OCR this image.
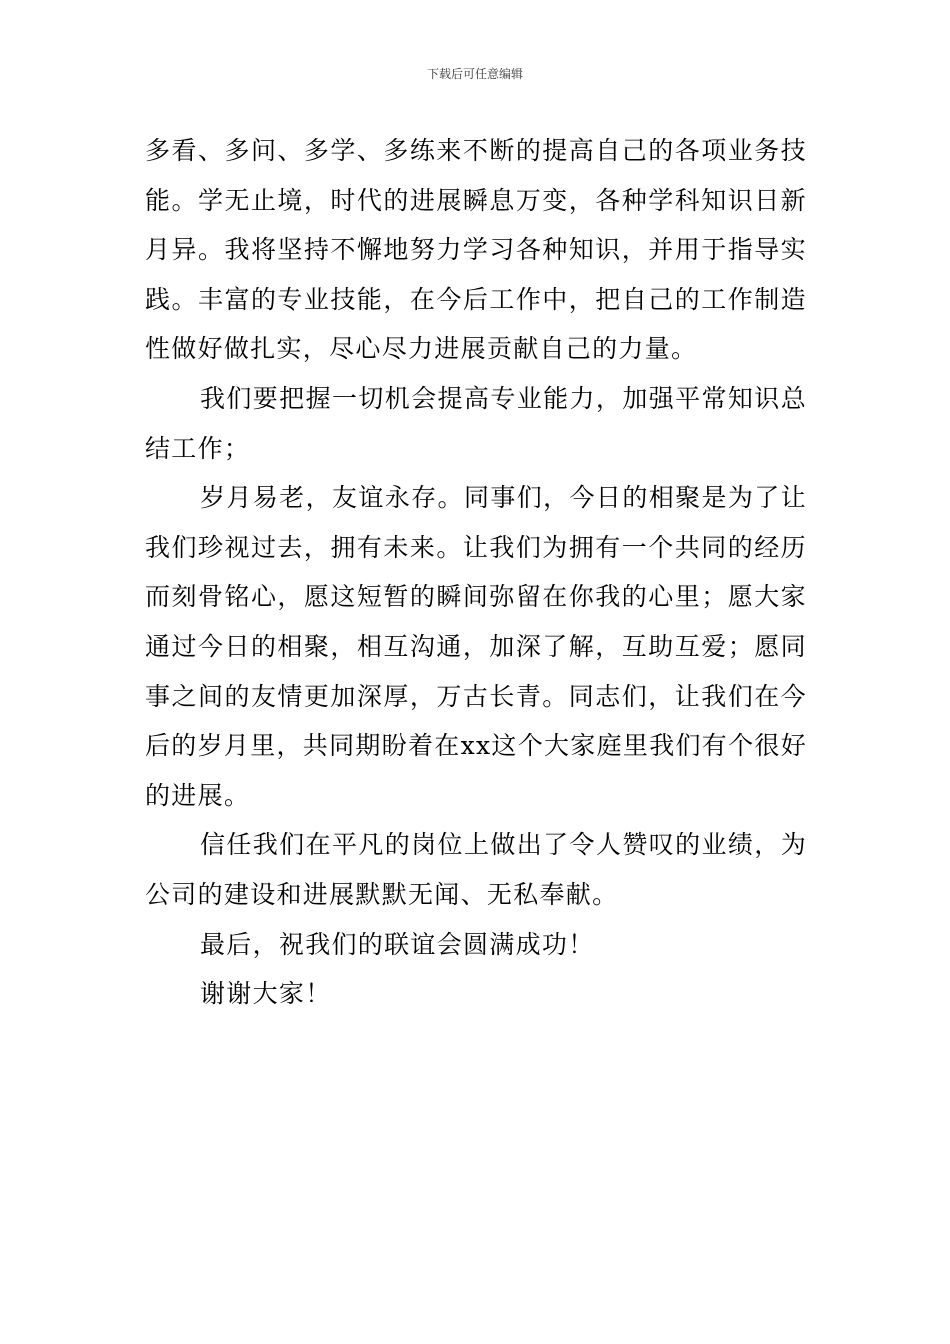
下载后可任意编辑

多看、多问、多学、多练来不断的提高自己的各项业务技能。学无止境，时代的进展瞬息万变，各种学科知识日新月异。我将坚持不懈地努力学习各种知识，并用于指导实践。丰富的专业技能，在今后工作中，把自己的工作制造性做好做扎实，尽心尽力进展贡献自己的力量。

我们要把握一切机会提高专业能力，加强平常知识总结工作；

岁月易老，友谊永存。同事们，今日的相聚是为了让我们珍视过去，拥有未来。让我们为拥有一个共同的经历而刻骨铭心，愿这短暂的瞬间弥留在你我的心里；愿大家通过今日的相聚，相互沟通，加深了解，互助互爱；愿同事之间的友情更加深厚，万古长青。同志们，让我们在今后的岁月里，共同期盼着在xx这个大家庭里我们有个很好的进展。

信任我们在平凡的岗位上做出了令人赞叹的业绩，为公司的建设和进展默默无闻、无私奉献。

最后，祝我们的联谊会圆满成功！

谢谢大家！
